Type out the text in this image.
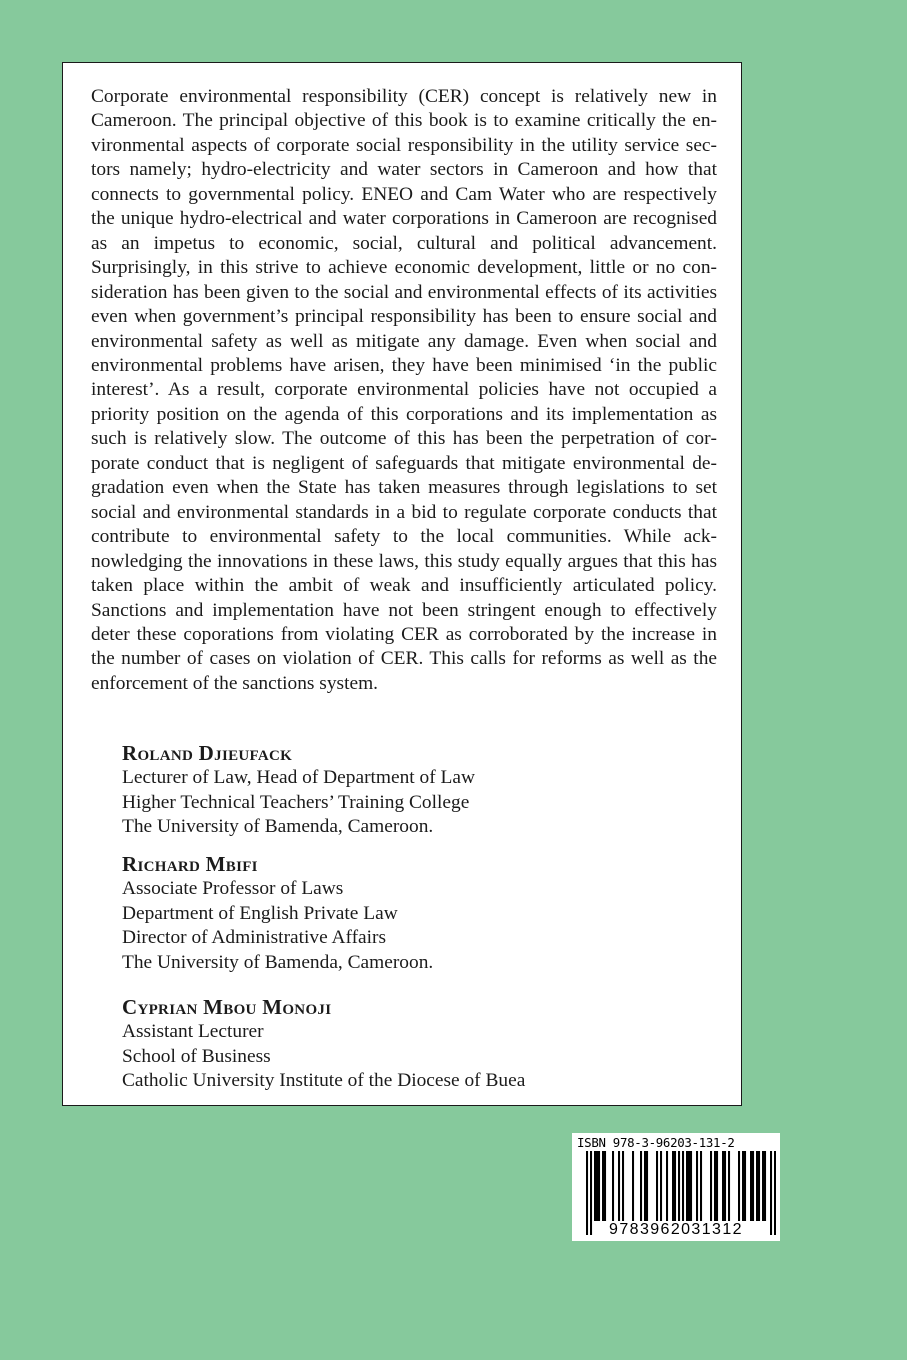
Corporate environmental responsibility (CER) concept is relatively new in Cameroon. The principal objective of this book is to examine critically the environmental aspects of corporate social responsibility in the utility service sectors namely; hydro-electricity and water sectors in Cameroon and how that connects to governmental policy. ENEO and Cam Water who are respectively the unique hydro-electrical and water corporations in Cameroon are recognised as an impetus to economic, social, cultural and political advancement. Surprisingly, in this strive to achieve economic development, little or no consideration has been given to the social and environmental effects of its activities even when government’s principal responsibility has been to ensure social and environmental safety as well as mitigate any damage. Even when social and environmental problems have arisen, they have been minimised ‘in the public interest’. As a result, corporate environmental policies have not occupied a priority position on the agenda of this corporations and its implementation as such is relatively slow. The outcome of this has been the perpetration of corporate conduct that is negligent of safeguards that mitigate environmental degradation even when the State has taken measures through legislations to set social and environmental standards in a bid to regulate corporate conducts that contribute to environmental safety to the local communities. While acknowledging the innovations in these laws, this study equally argues that this has taken place within the ambit of weak and insufficiently articulated policy. Sanctions and implementation have not been stringent enough to effectively deter these coporations from violating CER as corroborated by the increase in the number of cases on violation of CER. This calls for reforms as well as the enforcement of the sanctions system.

Roland Djieufack
Lecturer of Law, Head of Department of Law
Higher Technical Teachers’ Training College
The University of Bamenda, Cameroon.
Richard Mbifi
Associate Professor of Laws
Department of English Private Law
Director of Administrative Affairs
The University of Bamenda, Cameroon.
Cyprian Mbou Monoji
Assistant Lecturer
School of Business
Catholic University Institute of the Diocese of Buea
ISBN 978-3-96203-131-2
9783962031312
